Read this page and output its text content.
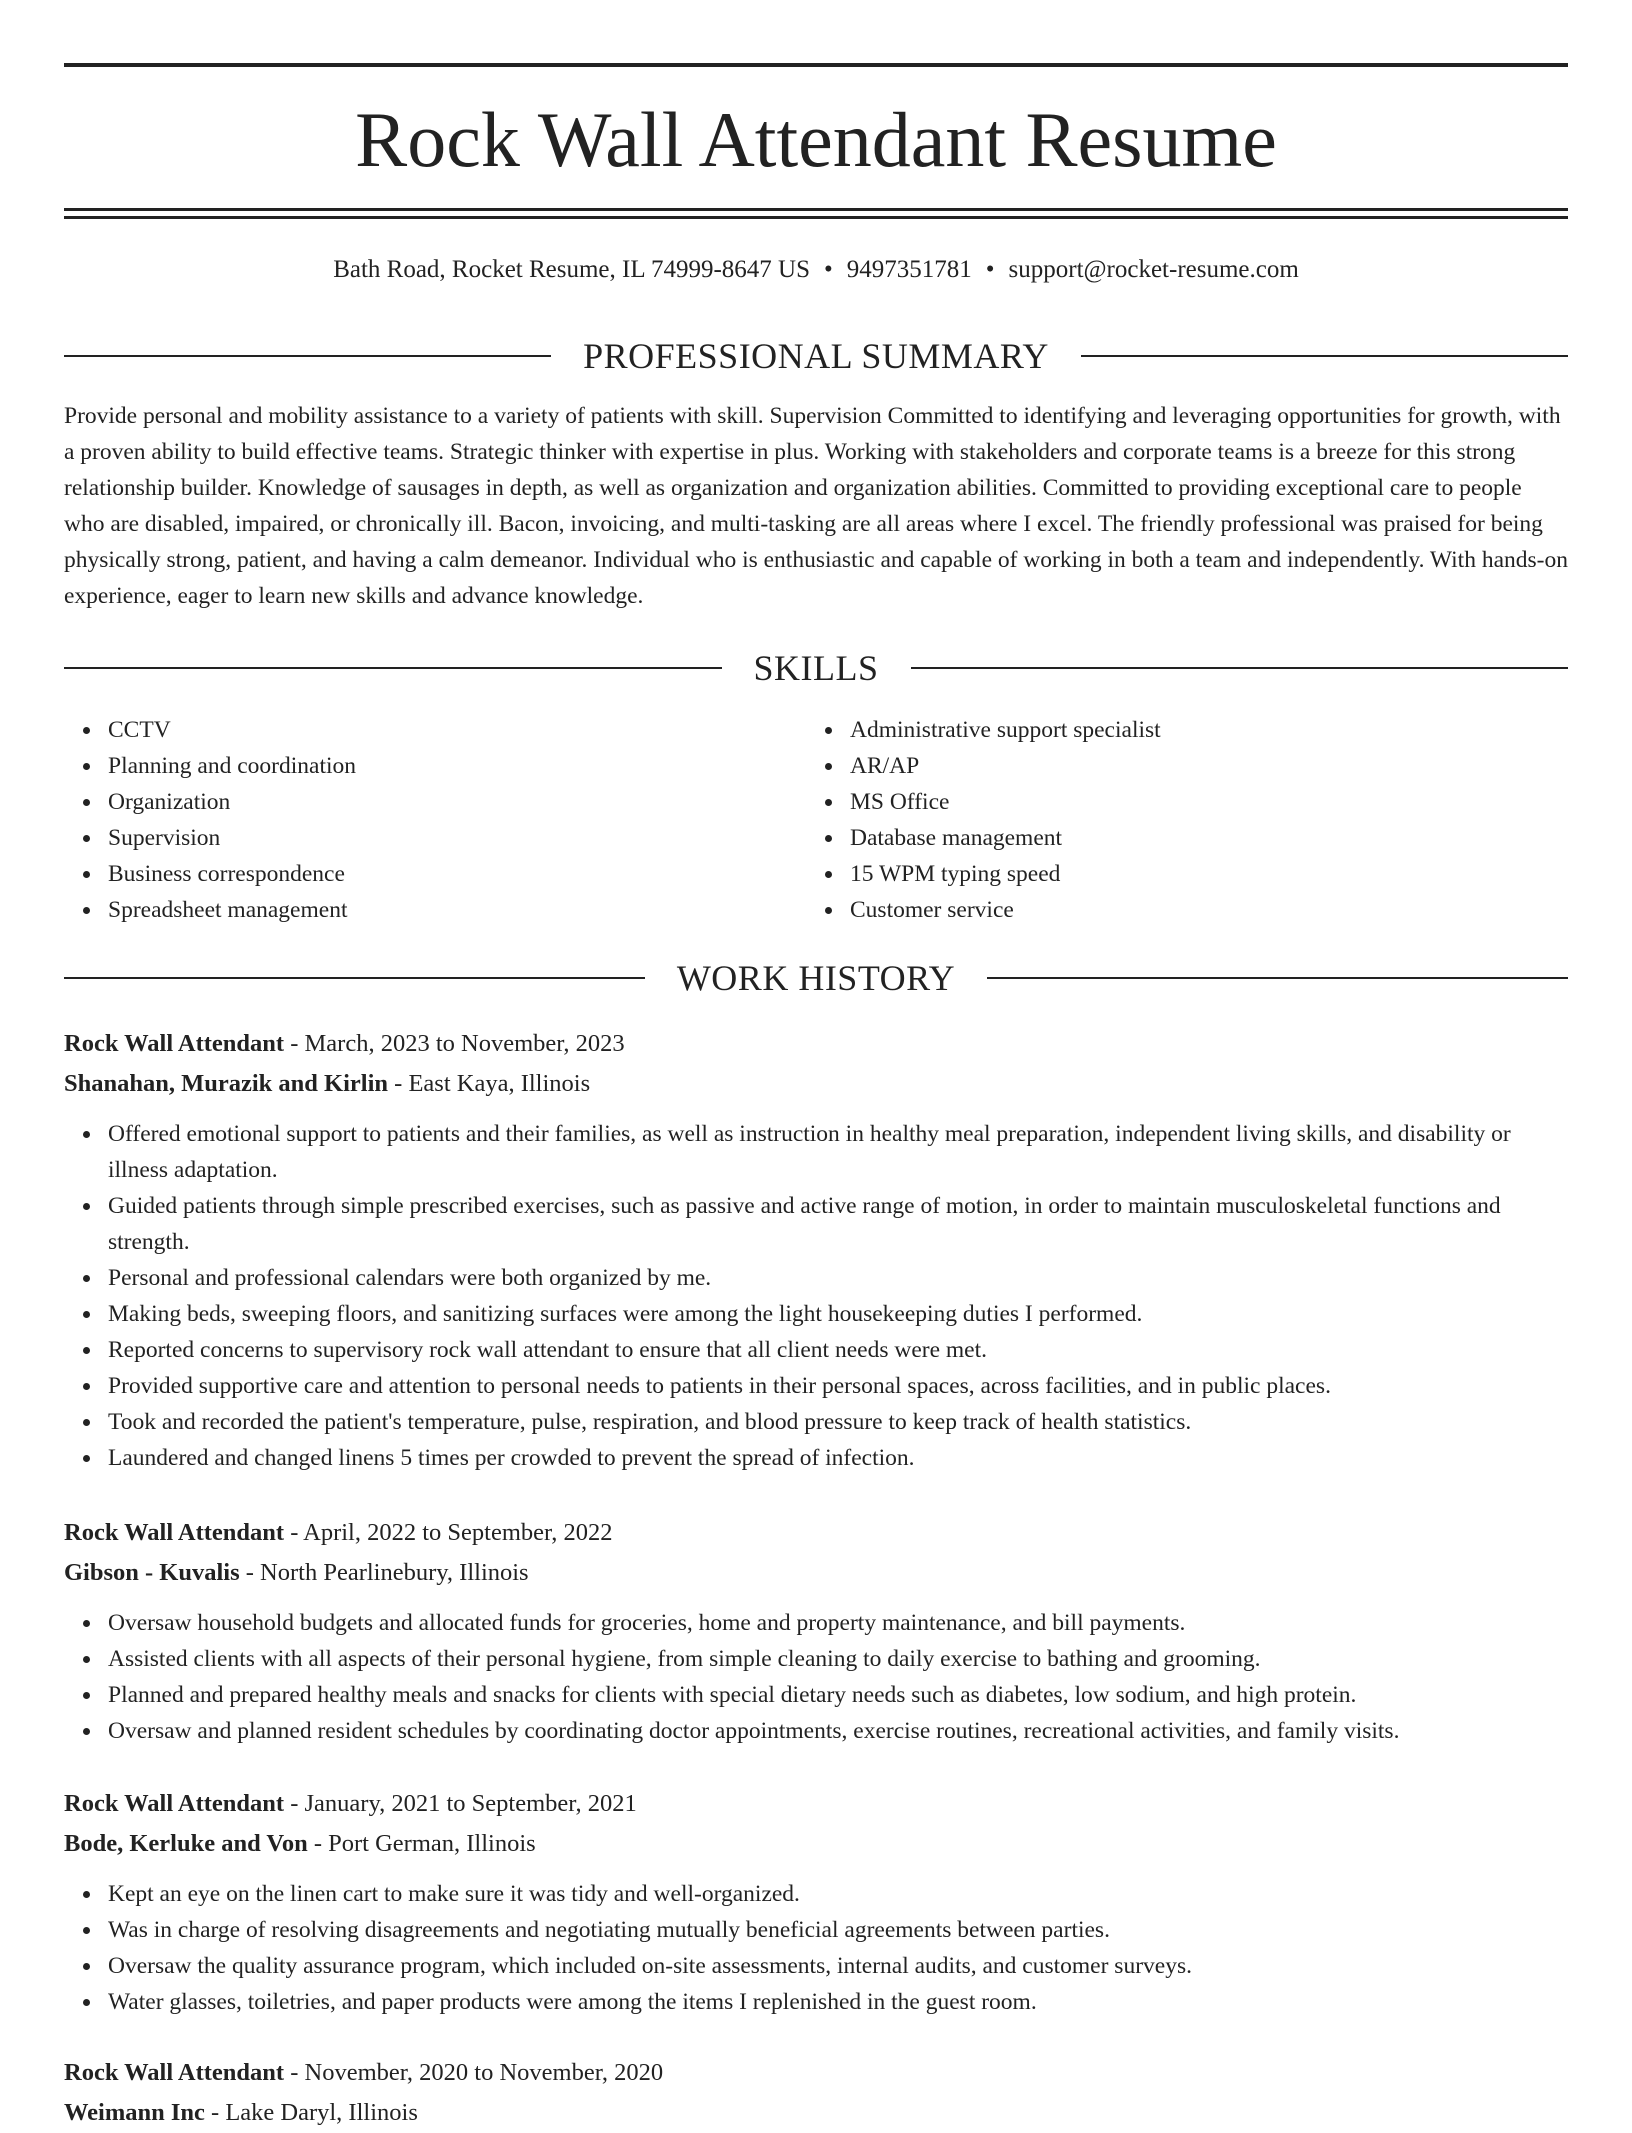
Rock Wall Attendant Resume
Bath Road, Rocket Resume, IL 74999-8647 US • 9497351781 • support@rocket-resume.com
PROFESSIONAL SUMMARY

Provide personal and mobility assistance to a variety of patients with skill. Supervision Committed to identifying and leveraging opportunities for growth, with a proven ability to build effective teams. Strategic thinker with expertise in plus. Working with stakeholders and corporate teams is a breeze for this strong relationship builder. Knowledge of sausages in depth, as well as organization and organization abilities. Committed to providing exceptional care to people who are disabled, impaired, or chronically ill. Bacon, invoicing, and multi-tasking are all areas where I excel. The friendly professional was praised for being physically strong, patient, and having a calm demeanor. Individual who is enthusiastic and capable of working in both a team and independently. With hands-on experience, eager to learn new skills and advance knowledge.

SKILLS
CCTV
Planning and coordination
Organization
Supervision
Business correspondence
Spreadsheet management
Administrative support specialist
AR/AP
MS Office
Database management
15 WPM typing speed
Customer service
WORK HISTORY
Rock Wall Attendant - March, 2023 to November, 2023
Shanahan, Murazik and Kirlin - East Kaya, Illinois
Offered emotional support to patients and their families, as well as instruction in healthy meal preparation, independent living skills, and disability or illness adaptation.
Guided patients through simple prescribed exercises, such as passive and active range of motion, in order to maintain musculoskeletal functions and strength.
Personal and professional calendars were both organized by me.
Making beds, sweeping floors, and sanitizing surfaces were among the light housekeeping duties I performed.
Reported concerns to supervisory rock wall attendant to ensure that all client needs were met.
Provided supportive care and attention to personal needs to patients in their personal spaces, across facilities, and in public places.
Took and recorded the patient's temperature, pulse, respiration, and blood pressure to keep track of health statistics.
Laundered and changed linens 5 times per crowded to prevent the spread of infection.
Rock Wall Attendant - April, 2022 to September, 2022
Gibson - Kuvalis - North Pearlinebury, Illinois
Oversaw household budgets and allocated funds for groceries, home and property maintenance, and bill payments.
Assisted clients with all aspects of their personal hygiene, from simple cleaning to daily exercise to bathing and grooming.
Planned and prepared healthy meals and snacks for clients with special dietary needs such as diabetes, low sodium, and high protein.
Oversaw and planned resident schedules by coordinating doctor appointments, exercise routines, recreational activities, and family visits.
Rock Wall Attendant - January, 2021 to September, 2021
Bode, Kerluke and Von - Port German, Illinois
Kept an eye on the linen cart to make sure it was tidy and well-organized.
Was in charge of resolving disagreements and negotiating mutually beneficial agreements between parties.
Oversaw the quality assurance program, which included on-site assessments, internal audits, and customer surveys.
Water glasses, toiletries, and paper products were among the items I replenished in the guest room.
Rock Wall Attendant - November, 2020 to November, 2020
Weimann Inc - Lake Daryl, Illinois
